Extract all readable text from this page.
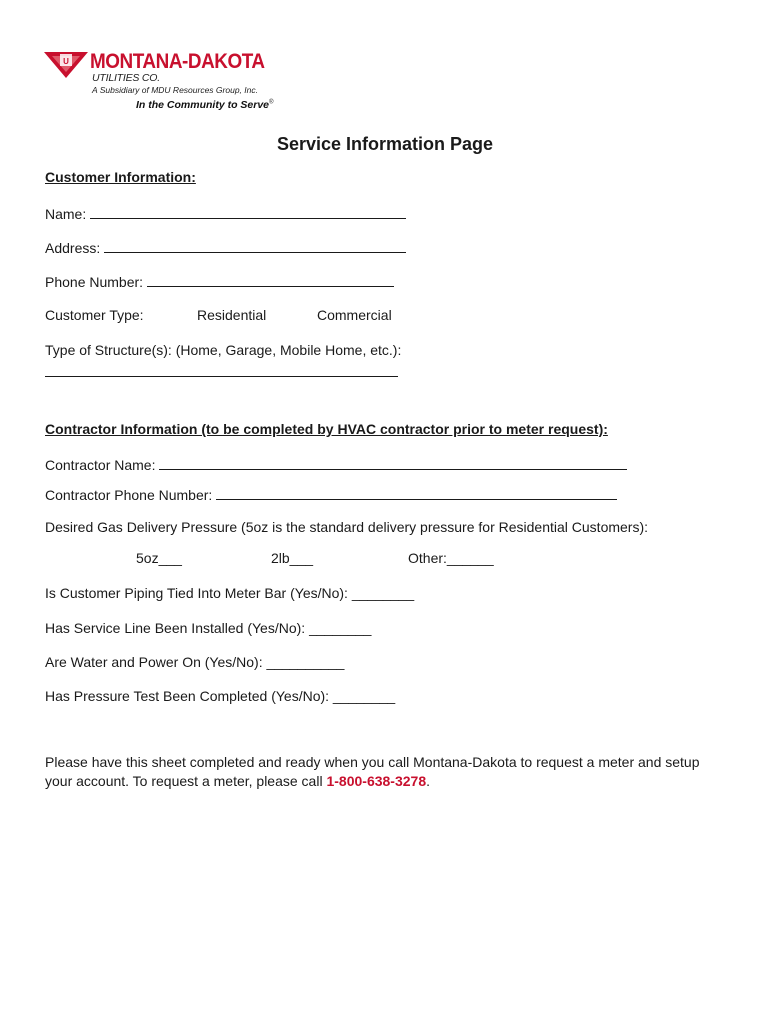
U MONTANA-DAKOTA
UTILITIES CO.
A Subsidiary of MDU Resources Group, Inc.
In the Community to Serve®
Service Information Page
Customer Information:
Name:
Address:
Phone Number:
Customer Type:	Residential	Commercial
Type of Structure(s): (Home, Garage, Mobile Home, etc.):
Contractor Information (to be completed by HVAC contractor prior to meter request):
Contractor Name:
Contractor Phone Number:
Desired Gas Delivery Pressure (5oz is the standard delivery pressure for Residential Customers):
5oz___	2lb___	Other:______
Is Customer Piping Tied Into Meter Bar (Yes/No): ________
Has Service Line Been Installed (Yes/No): ________
Are Water and Power On (Yes/No): __________
Has Pressure Test Been Completed (Yes/No): ________
Please have this sheet completed and ready when you call Montana-Dakota to request a meter and setup your account. To request a meter, please call 1-800-638-3278.
